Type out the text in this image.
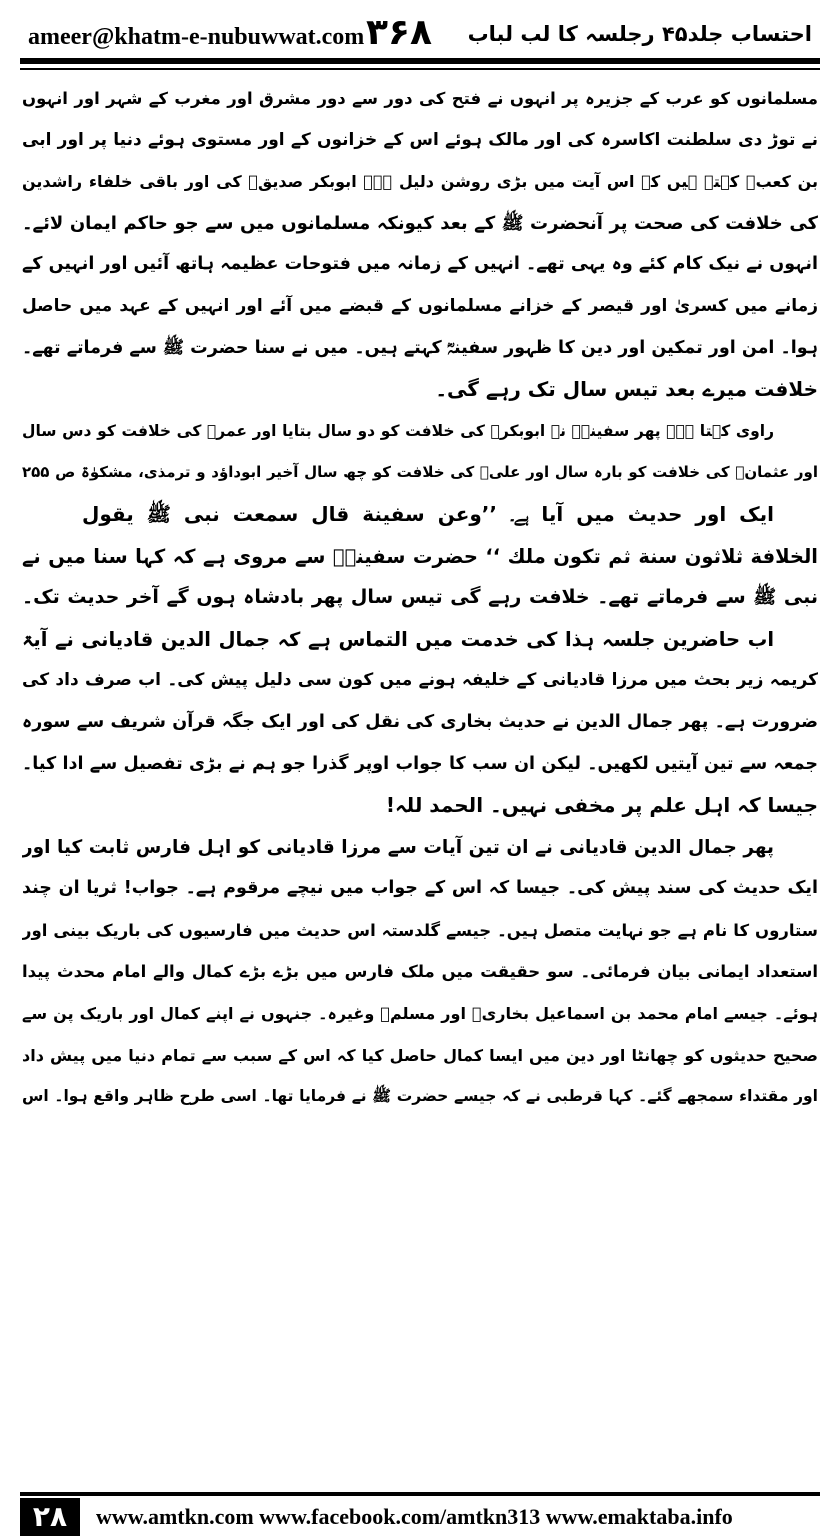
ameer@khatm-e-nubuwwat.com ۳۶۸ احتساب جلد۴۵ رجلسہ کا لب لباب
مسلمانوں کو عرب کے جزیرہ پر انہوں نے فتح کی دور سے دور مشرق اور مغرب کے شہر اور انہوں
نے توڑ دی سلطنت اکاسرہ کی اور مالک ہوئے اس کے خزانوں کے اور مستوی ہوئے دنیا پر اور ابی
بن کعبؓ کہتے ہیں کہ اس آیت میں بڑی روشن دلیل ہے۔ ابوبکر صدیقؓ کی اور باقی خلفاء راشدین
کی خلافت کی صحت پر آنحضرت ﷺ کے بعد کیونکہ مسلمانوں میں سے جو حاکم ایمان لائے۔
انہوں نے نیک کام کئے وہ یہی تھے۔ انہیں کے زمانہ میں فتوحات عظیمہ ہاتھ آئیں اور انہیں کے
زمانے میں کسریٰ اور قیصر کے خزانے مسلمانوں کے قبضے میں آئے اور انہیں کے عہد میں حاصل
ہوا۔ امن اور تمکین اور دین کا ظہور سفینہؓ کہتے ہیں۔ میں نے سنا حضرت ﷺ سے فرماتے تھے۔
خلافت میرے بعد تیس سال تک رہے گی۔
راوی کہتا ہے۔ پھر سفینہؓ نے ابوبکرؓ کی خلافت کو دو سال بتایا اور عمرؓ کی خلافت کو دس سال
اور عثمانؓ کی خلافت کو بارہ سال اور علیؓ کی خلافت کو چھ سال آخیر ابوداؤد و ترمذی، مشکوٰۃ ص ۲۵۵
ایک اور حدیث میں آیا ہے۔ ’’وعن سفينة قال سمعت نبی ﷺ يقول
الخلافة ثلاثون سنة ثم تكون ملك ‘‘ حضرت سفینہؓ سے مروی ہے کہ کہا سنا میں نے
نبی ﷺ سے فرماتے تھے۔ خلافت رہے گی تیس سال پھر بادشاہ ہوں گے آخر حدیث تک۔
اب حاضرین جلسہ ہذا کی خدمت میں التماس ہے کہ جمال الدین قادیانی نے آیۃ
کریمہ زیر بحث میں مرزا قادیانی کے خلیفہ ہونے میں کون سی دلیل پیش کی۔ اب صرف داد کی
ضرورت ہے۔ پھر جمال الدین نے حدیث بخاری کی نقل کی اور ایک جگہ قرآن شریف سے سورہ
جمعہ سے تین آیتیں لکھیں۔ لیکن ان سب کا جواب اوپر گذرا جو ہم نے بڑی تفصیل سے ادا کیا۔
جیسا کہ اہل علم پر مخفی نہیں۔ الحمد للہ!
پھر جمال الدین قادیانی نے ان تین آیات سے مرزا قادیانی کو اہل فارس ثابت کیا اور
ایک حدیث کی سند پیش کی۔ جیسا کہ اس کے جواب میں نیچے مرقوم ہے۔ جواب! ثریا ان چند
ستاروں کا نام ہے جو نہایت متصل ہیں۔ جیسے گلدستہ اس حدیث میں فارسیوں کی باریک بینی اور
استعداد ایمانی بیان فرمائی۔ سو حقیقت میں ملک فارس میں بڑے بڑے کمال والے امام محدث پیدا
ہوئے۔ جیسے امام محمد بن اسماعیل بخاریؒ اور مسلمؒ وغیرہ۔ جنہوں نے اپنے کمال اور باریک پن سے
صحیح حدیثوں کو چھانٹا اور دین میں ایسا کمال حاصل کیا کہ اس کے سبب سے تمام دنیا میں پیش داد
اور مقتداء سمجھے گئے۔ کہا قرطبی نے کہ جیسے حضرت ﷺ نے فرمایا تھا۔ اسی طرح ظاہر واقع ہوا۔ اس
۲۸	www.amtkn.com www.facebook.com/amtkn313 www.emaktaba.info
